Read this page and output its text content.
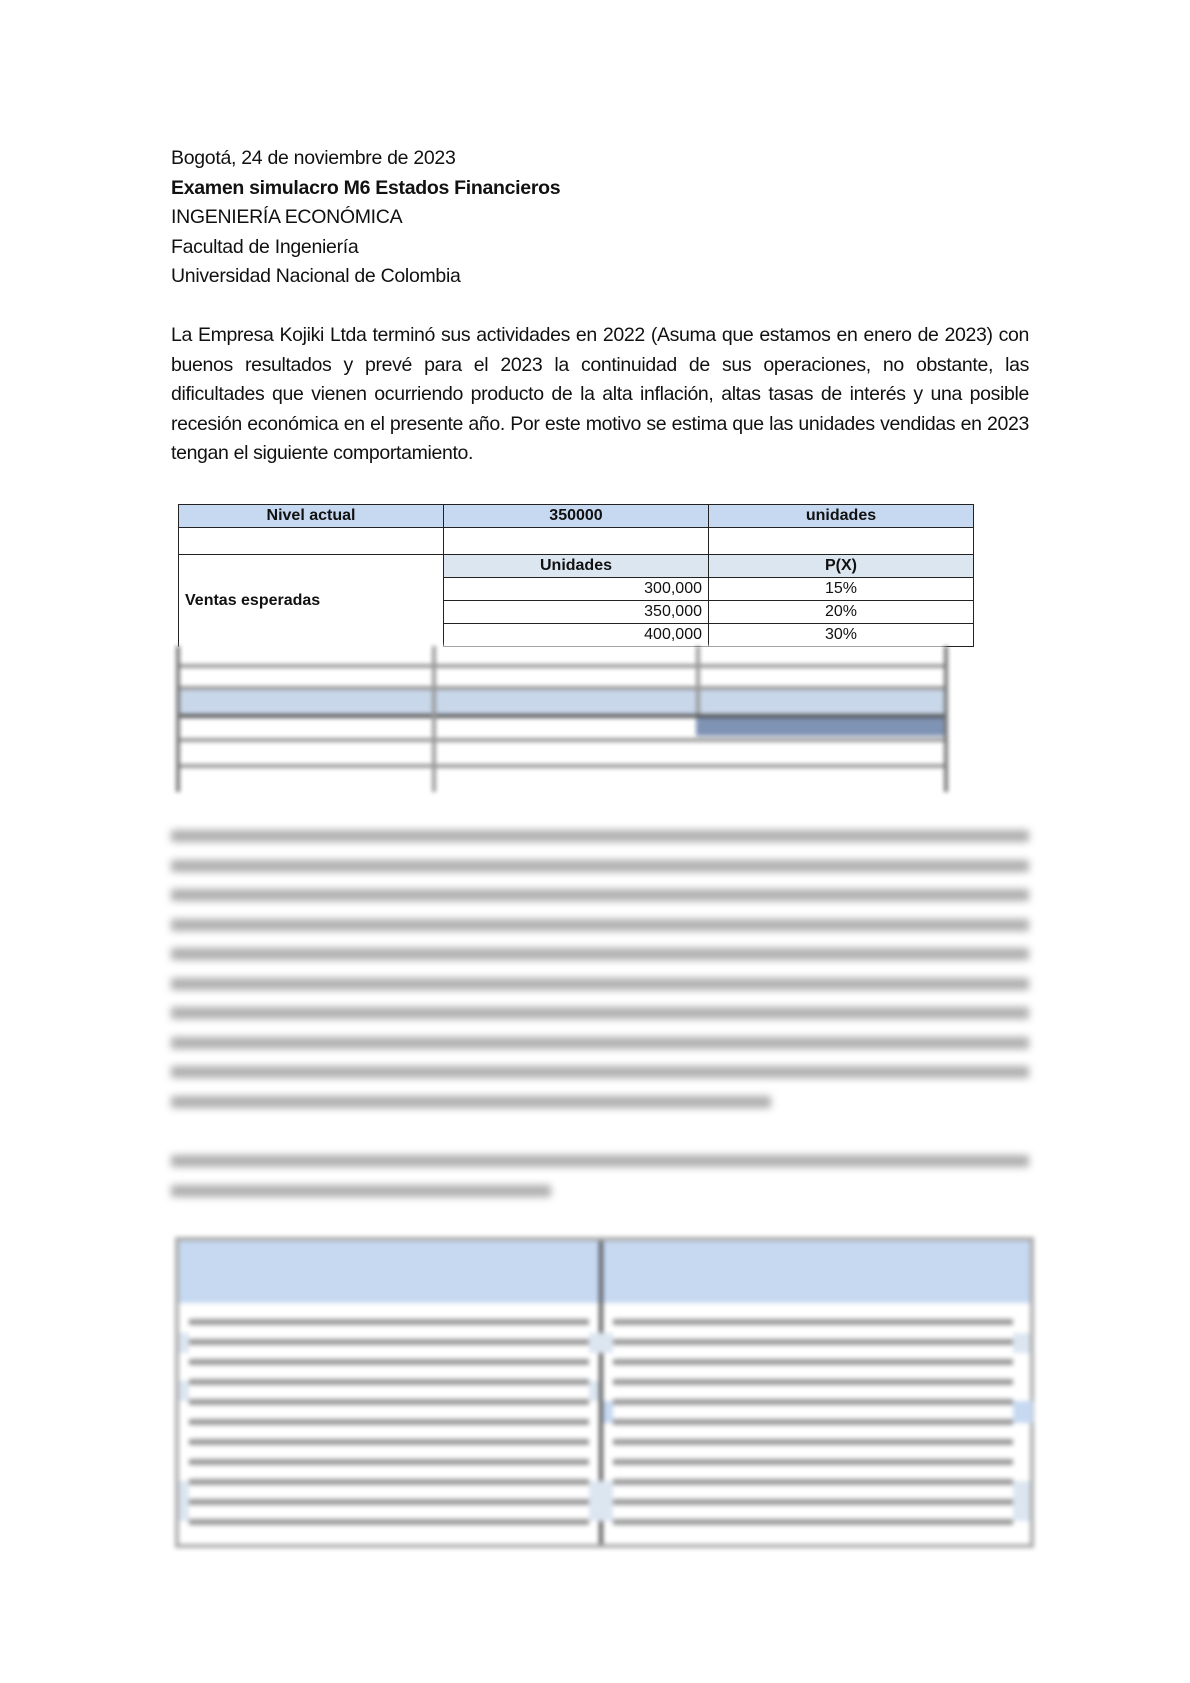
Bogotá, 24 de noviembre de 2023
Examen simulacro M6 Estados Financieros
INGENIERÍA ECONÓMICA
Facultad de Ingeniería
Universidad Nacional de Colombia
La Empresa Kojiki Ltda terminó sus actividades en 2022 (Asuma que estamos en enero de 2023) con buenos resultados y prevé para el 2023 la continuidad de sus operaciones, no obstante, las dificultades que vienen ocurriendo producto de la alta inflación, altas tasas de interés y una posible recesión económica en el presente año. Por este motivo se estima que las unidades vendidas en 2023 tengan el siguiente comportamiento.
Nivel actual	350000	unidades

Ventas esperadas	Unidades	P(X)
	300,000	15%
	350,000	20%
	400,000	30%
